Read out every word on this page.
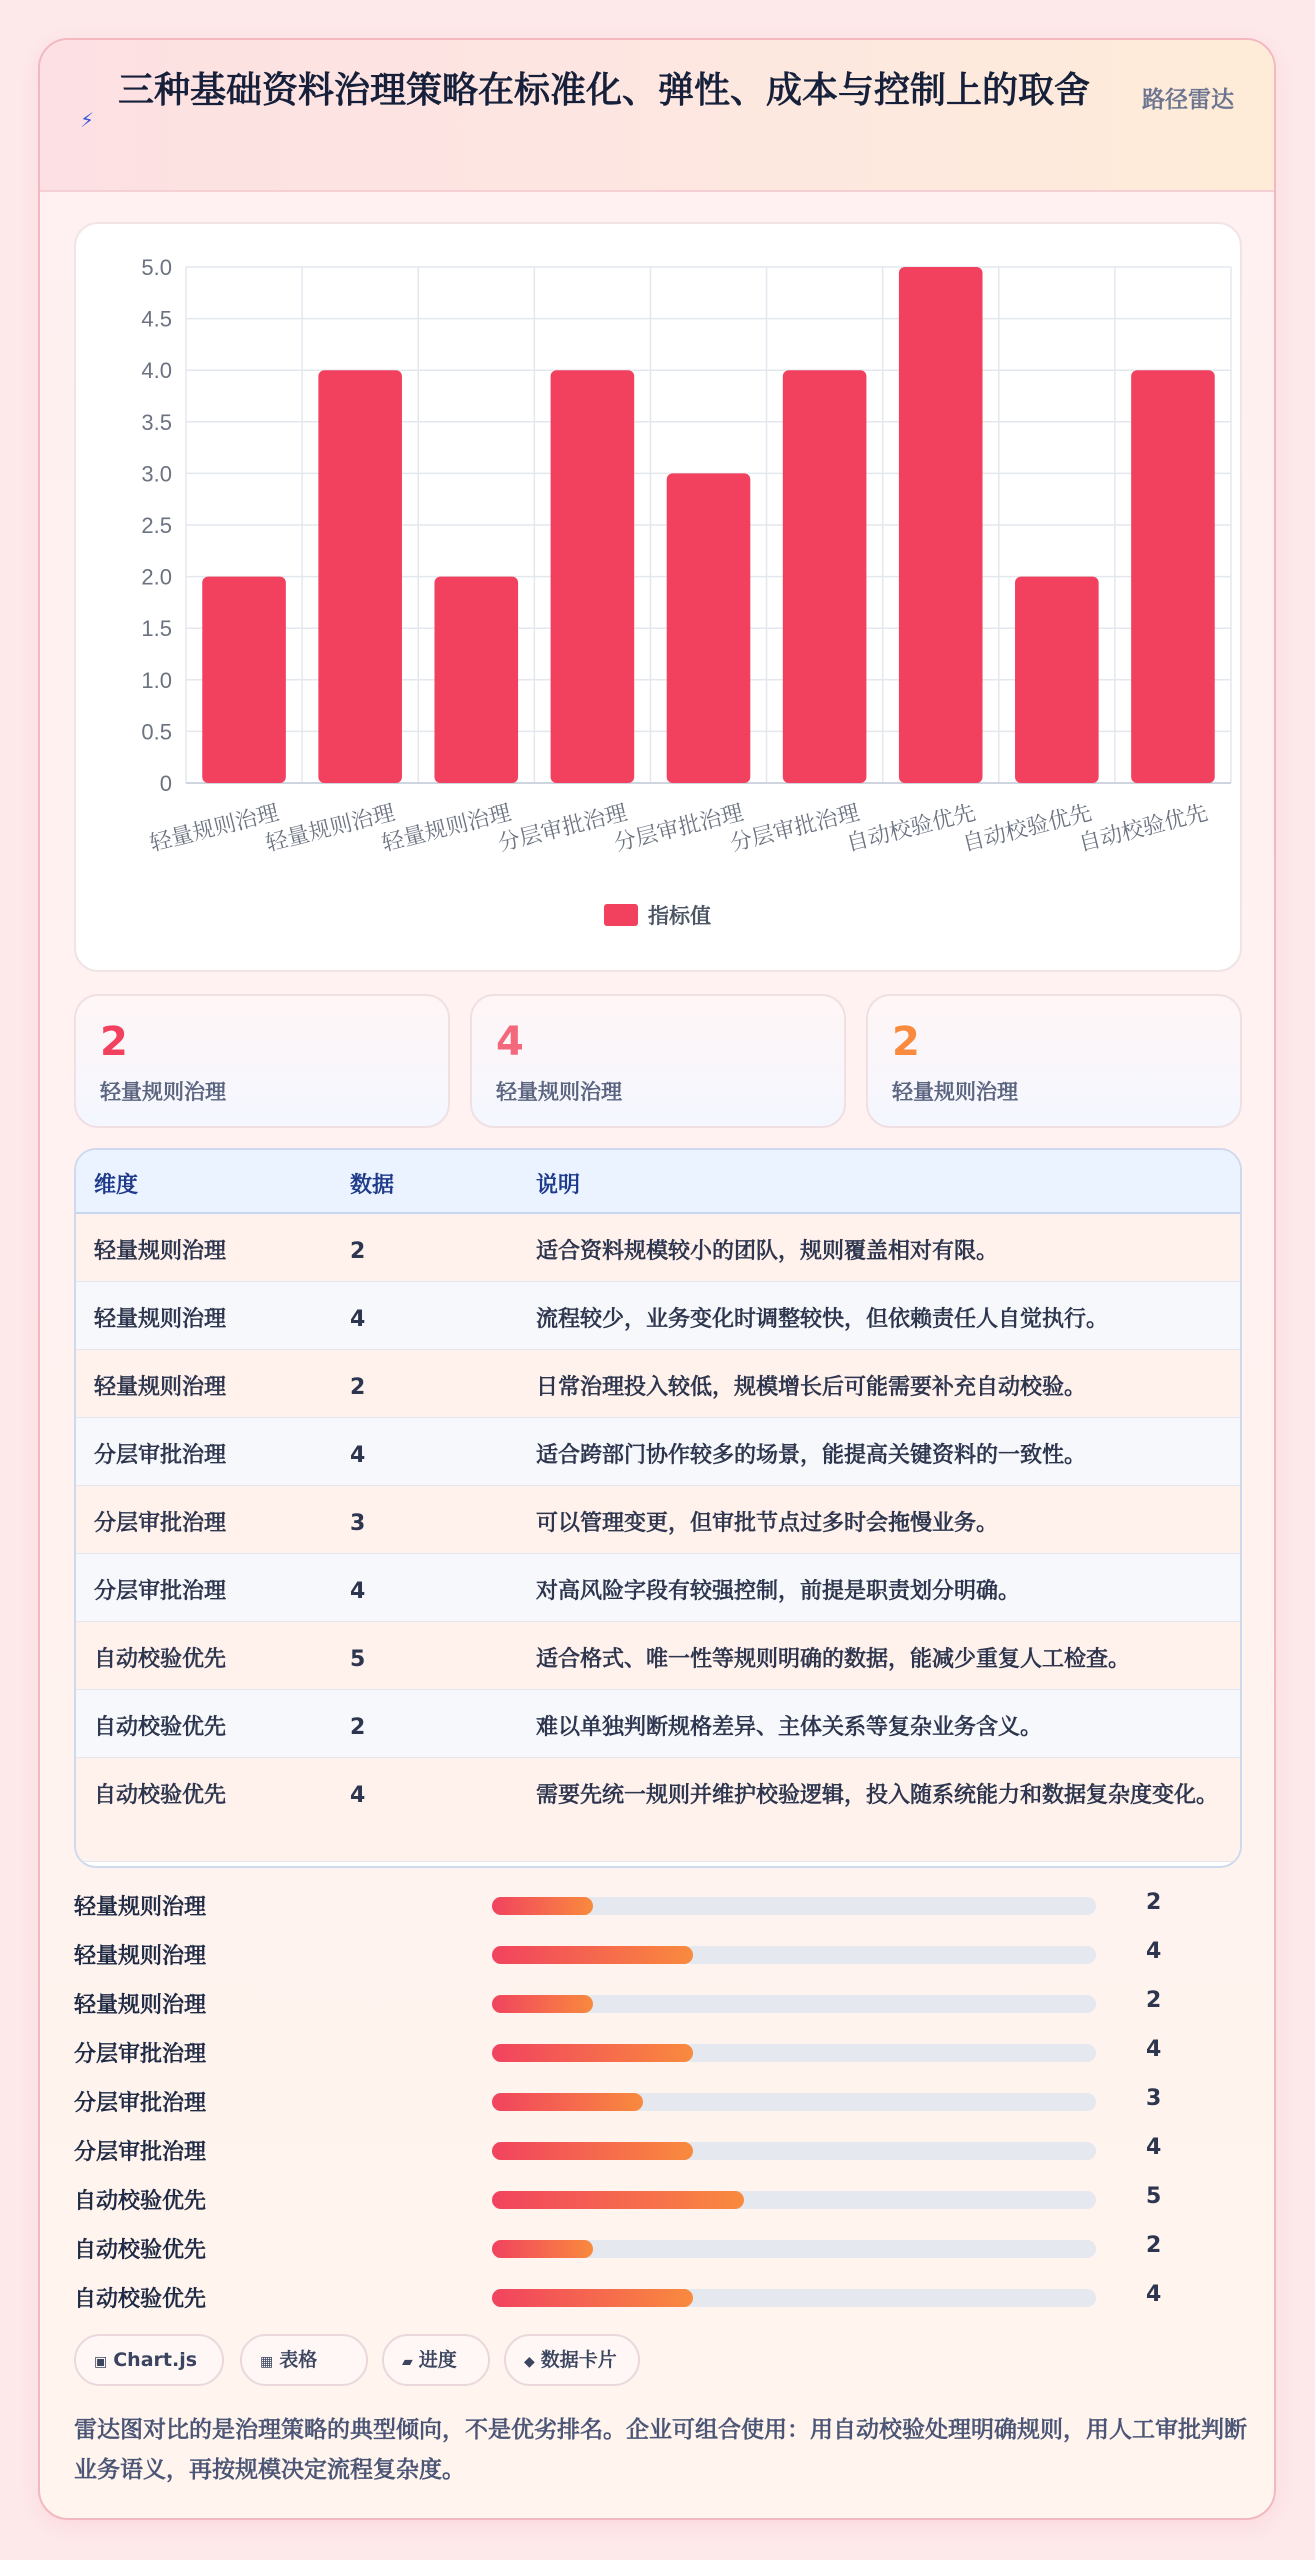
⚡
三种基础资料治理策略在标准化、弹性、成本与控制上的取舍	路径雷达
0
0.5
1.0
1.5
2.0
2.5
3.0
3.5
4.0
4.5
5.0
轻量规则治理
轻量规则治理
轻量规则治理
分层审批治理
分层审批治理
分层审批治理
自动校验优先
自动校验优先
自动校验优先
指标值
2
轻量规则治理
4
轻量规则治理
2
轻量规则治理
维度	数据	说明
轻量规则治理	2	适合资料规模较小的团队，规则覆盖相对有限。
轻量规则治理	4	流程较少，业务变化时调整较快，但依赖责任人自觉执行。
轻量规则治理	2	日常治理投入较低，规模增长后可能需要补充自动校验。
分层审批治理	4	适合跨部门协作较多的场景，能提高关键资料的一致性。
分层审批治理	3	可以管理变更，但审批节点过多时会拖慢业务。
分层审批治理	4	对高风险字段有较强控制，前提是职责划分明确。
自动校验优先	5	适合格式、唯一性等规则明确的数据，能减少重复人工检查。
自动校验优先	2	难以单独判断规格差异、主体关系等复杂业务含义。
自动校验优先	4	需要先统一规则并维护校验逻辑，投入随系统能力和数据复杂度变化。
轻量规则治理	2
轻量规则治理	4
轻量规则治理	2
分层审批治理	4
分层审批治理	3
分层审批治理	4
自动校验优先	5
自动校验优先	2
自动校验优先	4
▣ Chart.js	▦ 表格	▰ 进度	◆ 数据卡片
雷达图对比的是治理策略的典型倾向，不是优劣排名。企业可组合使用：用自动校验处理明确规则，用人工审批判断业务语义，再按规模决定流程复杂度。
